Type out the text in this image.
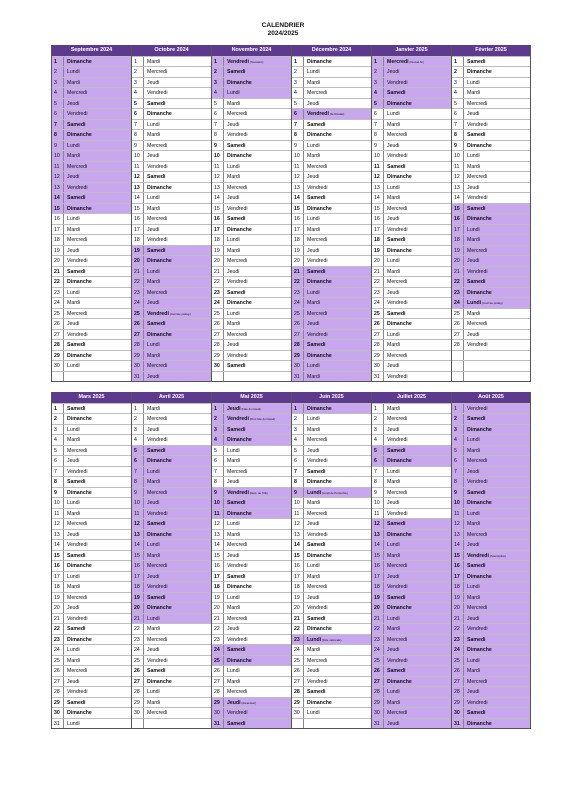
CALENDRIER
2024/2025
Septembre 2024
1	Dimanche
2	Lundi
3	Mardi
4	Mercredi
5	Jeudi
6	Vendredi
7	Samedi
8	Dimanche
9	Lundi
10	Mardi
11	Mercredi
12	Jeudi
13	Vendredi
14	Samedi
15	Dimanche
16	Lundi
17	Mardi
18	Mercredi
19	Jeudi
20	Vendredi
21	Samedi
22	Dimanche
23	Lundi
24	Mardi
25	Mercredi
26	Jeudi
27	Vendredi
28	Samedi
29	Dimanche
30	Lundi
Octobre 2024
1	Mardi
2	Mercredi
3	Jeudi
4	Vendredi
5	Samedi
6	Dimanche
7	Lundi
8	Mardi
9	Mercredi
10	Jeudi
11	Vendredi
12	Samedi
13	Dimanche
14	Lundi
15	Mardi
16	Mercredi
17	Jeudi
18	Vendredi
19	Samedi
20	Dimanche
21	Lundi
22	Mardi
23	Mercredi
24	Jeudi
25	Vendredi (Journée pédag.)
26	Samedi
27	Dimanche
28	Lundi
29	Mardi
30	Mercredi
31	Jeudi
Novembre 2024
1	Vendredi (Toussaint)
2	Samedi
3	Dimanche
4	Lundi
5	Mardi
6	Mercredi
7	Jeudi
8	Vendredi
9	Samedi
10	Dimanche
11	Lundi
12	Mardi
13	Mercredi
14	Jeudi
15	Vendredi
16	Samedi
17	Dimanche
18	Lundi
19	Mardi
20	Mercredi
21	Jeudi
22	Vendredi
23	Samedi
24	Dimanche
25	Lundi
26	Mardi
27	Mercredi
28	Jeudi
29	Vendredi
30	Samedi
Décembre 2024
1	Dimanche
2	Lundi
3	Mardi
4	Mercredi
5	Jeudi
6	Vendredi (St-Nicolas)
7	Samedi
8	Dimanche
9	Lundi
10	Mardi
11	Mercredi
12	Jeudi
13	Vendredi
14	Samedi
15	Dimanche
16	Lundi
17	Mardi
18	Mercredi
19	Jeudi
20	Vendredi
21	Samedi
22	Dimanche
23	Lundi
24	Mardi
25	Mercredi
26	Jeudi
27	Vendredi
28	Samedi
29	Dimanche
30	Lundi
31	Mardi
Janvier 2025
1	Mercredi (Nouvel An)
2	Jeudi
3	Vendredi
4	Samedi
5	Dimanche
6	Lundi
7	Mardi
8	Mercredi
9	Jeudi
10	Vendredi
11	Samedi
12	Dimanche
13	Lundi
14	Mardi
15	Mercredi
16	Jeudi
17	Vendredi
18	Samedi
19	Dimanche
20	Lundi
21	Mardi
22	Mercredi
23	Jeudi
24	Vendredi
25	Samedi
26	Dimanche
27	Lundi
28	Mardi
29	Mercredi
30	Jeudi
31	Vendredi
Février 2025
1	Samedi
2	Dimanche
3	Lundi
4	Mardi
5	Mercredi
6	Jeudi
7	Vendredi
8	Samedi
9	Dimanche
10	Lundi
11	Mardi
12	Mercredi
13	Jeudi
14	Vendredi
15	Samedi
16	Dimanche
17	Lundi
18	Mardi
19	Mercredi
20	Jeudi
21	Vendredi
22	Samedi
23	Dimanche
24	Lundi (Journée pédag.)
25	Mardi
26	Mercredi
27	Jeudi
28	Vendredi
Mars 2025
1	Samedi
2	Dimanche
3	Lundi
4	Mardi
5	Mercredi
6	Jeudi
7	Vendredi
8	Samedi
9	Dimanche
10	Lundi
11	Mardi
12	Mercredi
13	Jeudi
14	Vendredi
15	Samedi
16	Dimanche
17	Lundi
18	Mardi
19	Mercredi
20	Jeudi
21	Vendredi
22	Samedi
23	Dimanche
24	Lundi
25	Mardi
26	Mercredi
27	Jeudi
28	Vendredi
29	Samedi
30	Dimanche
31	Lundi
Avril 2025
1	Mardi
2	Mercredi
3	Jeudi
4	Vendredi
5	Samedi
6	Dimanche
7	Lundi
8	Mardi
9	Mercredi
10	Jeudi
11	Vendredi
12	Samedi
13	Dimanche
14	Lundi
15	Mardi
16	Mercredi
17	Jeudi
18	Vendredi
19	Samedi
20	Dimanche
21	Lundi
22	Mardi
23	Mercredi
24	Jeudi
25	Vendredi
26	Samedi
27	Dimanche
28	Lundi
29	Mardi
30	Mercredi
Mai 2025
1	Jeudi (Fête du travail)
2	Vendredi (Pont fête du travail)
3	Samedi
4	Dimanche
5	Lundi
6	Mardi
7	Mercredi
8	Jeudi
9	Vendredi (Dest. de l'UE)
10	Samedi
11	Dimanche
12	Lundi
13	Mardi
14	Mercredi
15	Jeudi
16	Vendredi
17	Samedi
18	Dimanche
19	Lundi
20	Mardi
21	Mercredi
22	Jeudi
23	Vendredi
24	Samedi
25	Dimanche
26	Lundi
27	Mardi
28	Mercredi
29	Jeudi (Ascension)
30	Vendredi
31	Samedi
Juin 2025
1	Dimanche
2	Lundi
3	Mardi
4	Mercredi
5	Jeudi
6	Vendredi
7	Samedi
8	Dimanche
9	Lundi (Lundi de Pentecôte)
10	Mardi
11	Mercredi
12	Jeudi
13	Vendredi
14	Samedi
15	Dimanche
16	Lundi
17	Mardi
18	Mercredi
19	Jeudi
20	Vendredi
21	Samedi
22	Dimanche
23	Lundi (Fête nationale)
24	Mardi
25	Mercredi
26	Jeudi
27	Vendredi
28	Samedi
29	Dimanche
30	Lundi
Juillet 2025
1	Mardi
2	Mercredi
3	Jeudi
4	Vendredi
5	Samedi
6	Dimanche
7	Lundi
8	Mardi
9	Mercredi
10	Jeudi
11	Vendredi
12	Samedi
13	Dimanche
14	Lundi
15	Mardi
16	Mercredi
17	Jeudi
18	Vendredi
19	Samedi
20	Dimanche
21	Lundi
22	Mardi
23	Mercredi
24	Jeudi
25	Vendredi
26	Samedi
27	Dimanche
28	Lundi
29	Mardi
30	Mercredi
31	Jeudi
Août 2025
1	Vendredi
2	Samedi
3	Dimanche
4	Lundi
5	Mardi
6	Mercredi
7	Jeudi
8	Vendredi
9	Samedi
10	Dimanche
11	Lundi
12	Mardi
13	Mercredi
14	Jeudi
15	Vendredi (Assomption)
16	Samedi
17	Dimanche
18	Lundi
19	Mardi
20	Mercredi
21	Jeudi
22	Vendredi
23	Samedi
24	Dimanche
25	Lundi
26	Mardi
27	Mercredi
28	Jeudi
29	Vendredi
30	Samedi
31	Dimanche
